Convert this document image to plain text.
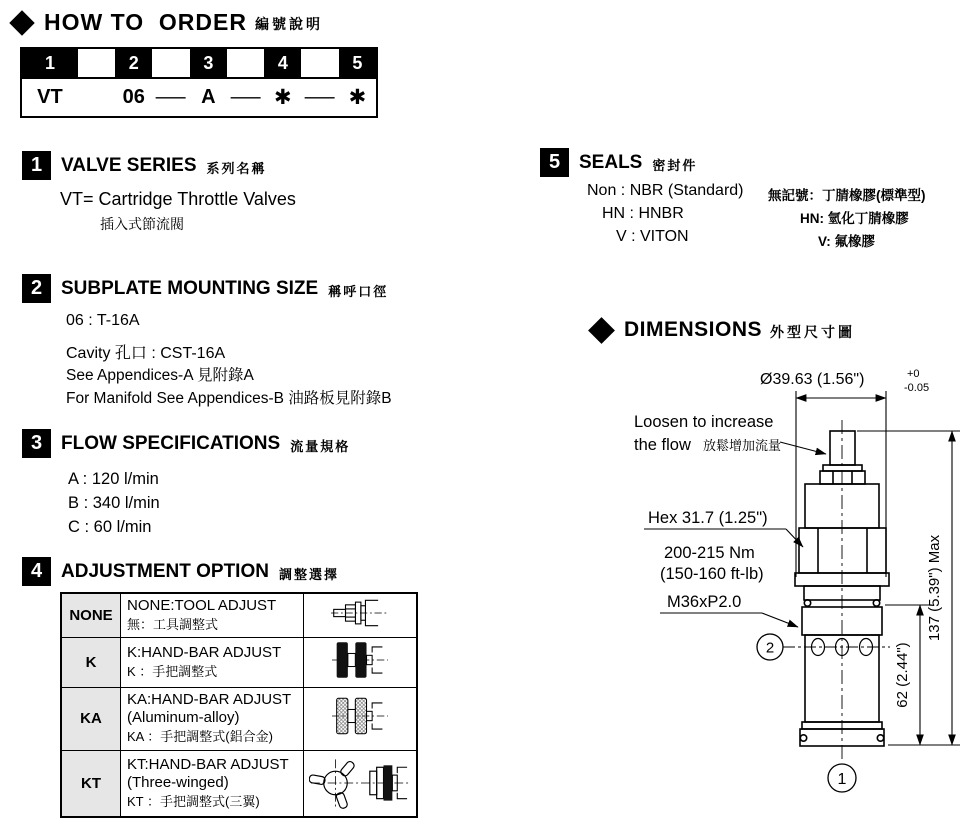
HOW TO  ORDER 編號說明
1	2	3	4	5
VT	06 — A — ✱ — ✱
1 VALVE SERIES 系列名稱
VT= Cartridge Throttle Valves
插入式節流閥
2 SUBPLATE MOUNTING SIZE 稱呼口徑
06 : T-16A
Cavity 孔口 : CST-16A
See Appendices-A 見附錄A
For Manifold See Appendices-B 油路板見附錄B
3 FLOW SPECIFICATIONS 流量規格
A : 120 l/min
B : 340 l/min
C : 60 l/min
4 ADJUSTMENT OPTION 調整選擇
NONE	NONE:TOOL ADJUST
無：工具調整式

K	K:HAND-BAR ADJUST
K ：手把調整式

KA	KA:HAND-BAR ADJUST
(Aluminum-alloy)
KA ：手把調整式(鋁合金)

KT	KT:HAND-BAR ADJUST
(Three-winged)
KT ：手把調整式(三翼)

5 SEALS 密封件
Non : NBR (Standard) 無記號：丁腈橡膠(標準型)
HN : HNBR	HN: 氫化丁腈橡膠
V : VITON	V: 氟橡膠
DIMENSIONS 外型尺寸圖
Ø39.63 (1.56")	+0
-0.05
2
1
137 (5.39") Max
62 (2.44")
Loosen to increase
the flow 放鬆增加流量
Hex 31.7 (1.25")
200-215 Nm
(150-160 ft-lb)
M36xP2.0
